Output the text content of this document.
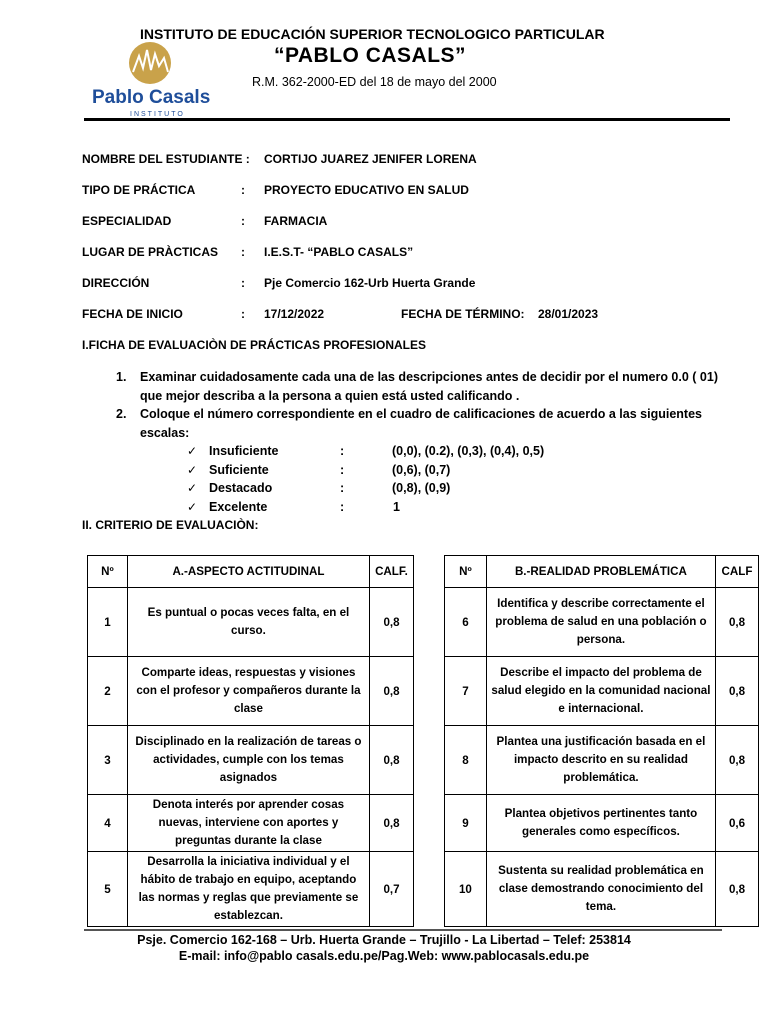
INSTITUTO DE EDUCACIÓN SUPERIOR TECNOLOGICO PARTICULAR
“PABLO CASALS”
R.M. 362-2000-ED del 18 de mayo del 2000
Pablo Casals
INSTITUTO
NOMBRE DEL ESTUDIANTE : CORTIJO JUAREZ JENIFER LORENA
TIPO DE PRÁCTICA	: PROYECTO EDUCATIVO EN SALUD
ESPECIALIDAD	: FARMACIA
LUGAR DE PRÀCTICAS : I.E.S.T- “PABLO CASALS”
DIRECCIÓN	: Pje Comercio 162-Urb Huerta Grande
FECHA DE INICIO	: 17/12/2022	FECHA DE TÉRMINO: 28/01/2023
I.FICHA DE EVALUACIÒN DE PRÁCTICAS PROFESIONALES
1. Examinar cuidadosamente cada una de las descripciones antes de decidir por el numero 0.0 ( 01)
que mejor describa a la persona a quien está usted calificando .
2. Coloque el número correspondiente en el cuadro de calificaciones de acuerdo a las siguientes
escalas:
✓ Insuficiente	:	(0,0), (0.2), (0,3), (0,4), 0,5)
✓ Suficiente	:	(0,6), (0,7)
✓ Destacado	:	(0,8), (0,9)
✓ Excelente	:	1
II. CRITERIO DE EVALUACIÒN:
Nº	A.-ASPECTO ACTITUDINAL	CALF.
1	Es puntual o pocas veces falta, en el curso.	0,8
2	Comparte ideas, respuestas y visiones con el profesor y compañeros durante la clase	0,8
3	Disciplinado en la realización de tareas o actividades, cumple con los temas asignados	0,8
4	Denota interés por aprender cosas nuevas, interviene con aportes y preguntas durante la clase	0,8
5	Desarrolla la iniciativa individual y el hábito de trabajo en equipo, aceptando las normas y reglas que previamente se establezcan.	0,7
Nº	B.-REALIDAD PROBLEMÁTICA	CALF
6	Identifica y describe correctamente el problema de salud en una población o persona.	0,8
7	Describe el impacto del problema de salud elegido en la comunidad nacional e internacional.	0,8
8	Plantea una justificación basada en el impacto descrito en su realidad problemática.	0,8
9	Plantea objetivos pertinentes tanto generales como específicos.	0,6
10	Sustenta su realidad problemática en clase demostrando conocimiento del tema.	0,8
Psje. Comercio 162-168 – Urb. Huerta Grande – Trujillo - La Libertad – Telef: 253814
E-mail: info@pablo casals.edu.pe/Pag.Web: www.pablocasals.edu.pe
